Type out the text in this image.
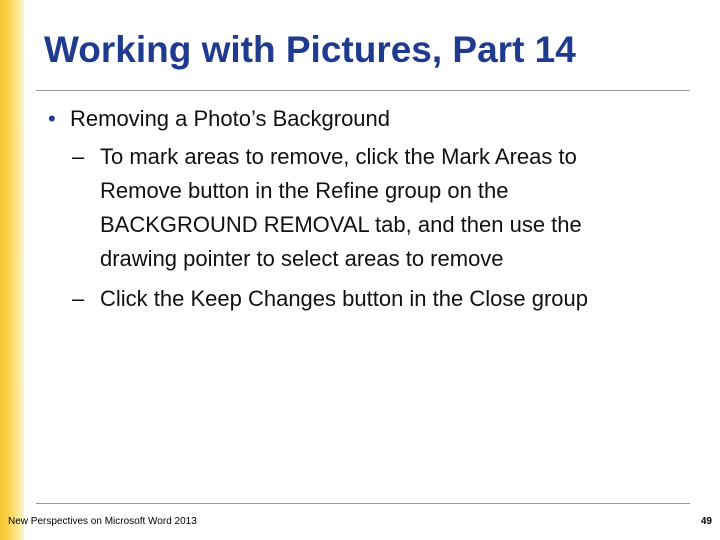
Working with Pictures, Part 14
• Removing a Photo’s Background
– To mark areas to remove, click the Mark Areas to
Remove button in the Refine group on the
BACKGROUND REMOVAL tab, and then use the
drawing pointer to select areas to remove
– Click the Keep Changes button in the Close group
New Perspectives on Microsoft Word 2013	49
